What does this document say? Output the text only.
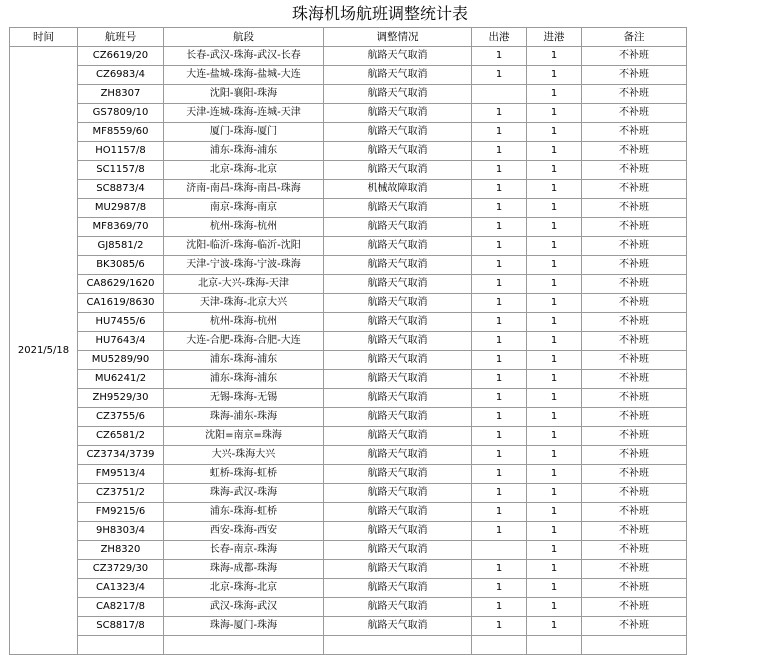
珠海机场航班调整统计表
时间	航班号	航段	调整情况	出港	进港	备注
2021/5/18	CZ6619/20	长春-武汉-珠海-武汉-长春	航路天气取消	1	1	不补班
	CZ6983/4	大连-盐城-珠海-盐城-大连	航路天气取消	1	1	不补班
	ZH8307	沈阳-襄阳-珠海	航路天气取消		1	不补班
	GS7809/10	天津-连城-珠海-连城-天津	航路天气取消	1	1	不补班
	MF8559/60	厦门-珠海-厦门	航路天气取消	1	1	不补班
	HO1157/8	浦东-珠海-浦东	航路天气取消	1	1	不补班
	SC1157/8	北京-珠海-北京	航路天气取消	1	1	不补班
	SC8873/4	济南-南昌-珠海-南昌-珠海	机械故障取消	1	1	不补班
	MU2987/8	南京-珠海-南京	航路天气取消	1	1	不补班
	MF8369/70	杭州-珠海-杭州	航路天气取消	1	1	不补班
	GJ8581/2	沈阳-临沂-珠海-临沂-沈阳	航路天气取消	1	1	不补班
	BK3085/6	天津-宁波-珠海-宁波-珠海	航路天气取消	1	1	不补班
	CA8629/1620	北京-大兴-珠海-天津	航路天气取消	1	1	不补班
	CA1619/8630	天津-珠海-北京大兴	航路天气取消	1	1	不补班
	HU7455/6	杭州-珠海-杭州	航路天气取消	1	1	不补班
	HU7643/4	大连-合肥-珠海-合肥-大连	航路天气取消	1	1	不补班
	MU5289/90	浦东-珠海-浦东	航路天气取消	1	1	不补班
	MU6241/2	浦东-珠海-浦东	航路天气取消	1	1	不补班
	ZH9529/30	无锡-珠海-无锡	航路天气取消	1	1	不补班
	CZ3755/6	珠海-浦东-珠海	航路天气取消	1	1	不补班
	CZ6581/2	沈阳=南京=珠海	航路天气取消	1	1	不补班
	CZ3734/3739	大兴-珠海大兴	航路天气取消	1	1	不补班
	FM9513/4	虹桥-珠海-虹桥	航路天气取消	1	1	不补班
	CZ3751/2	珠海-武汉-珠海	航路天气取消	1	1	不补班
	FM9215/6	浦东-珠海-虹桥	航路天气取消	1	1	不补班
	9H8303/4	西安-珠海-西安	航路天气取消	1	1	不补班
	ZH8320	长春-南京-珠海	航路天气取消		1	不补班
	CZ3729/30	珠海-成都-珠海	航路天气取消	1	1	不补班
	CA1323/4	北京-珠海-北京	航路天气取消	1	1	不补班
	CA8217/8	武汉-珠海-武汉	航路天气取消	1	1	不补班
	SC8817/8	珠海-厦门-珠海	航路天气取消	1	1	不补班
